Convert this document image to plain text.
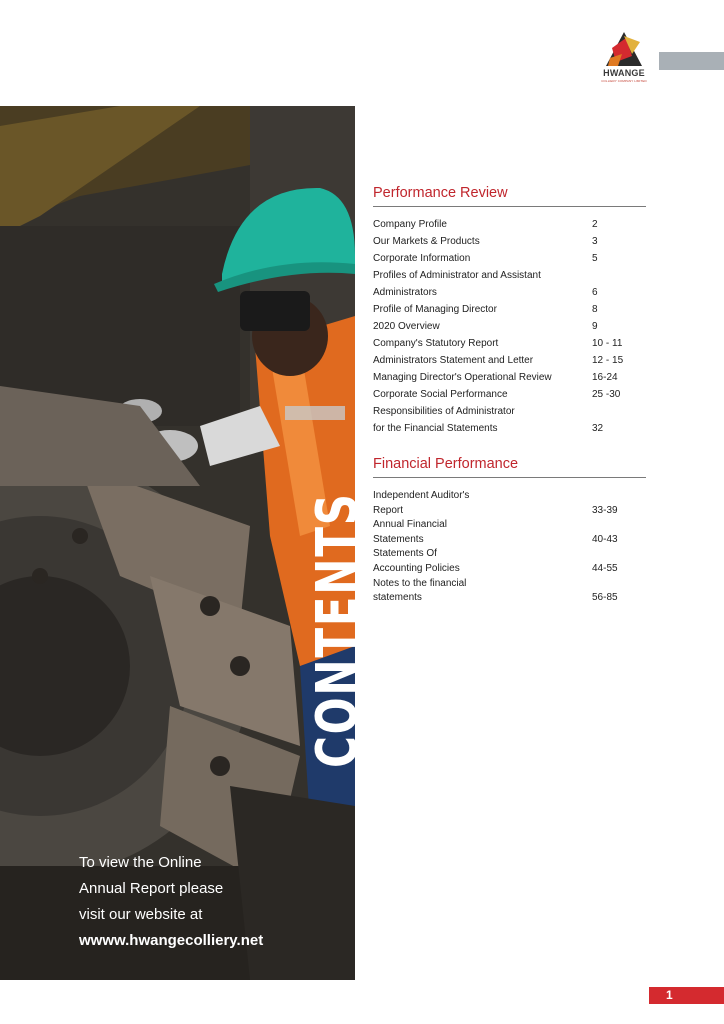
HWANGE
COLLIERY COMPANY LIMITED
CONTENTS
To view the Online
Annual Report please
visit our website at
wwww.hwangecolliery.net
Performance Review
Company Profile	2
Our Markets & Products	3
Corporate Information	5
Profiles of Administrator and Assistant
Administrators	6
Profile of Managing Director	8
2020 Overview	9
Company's Statutory Report	10 - 11
Administrators Statement and Letter	12 - 15
Managing Director's Operational Review	16-24
Corporate Social Performance	25 -30
Responsibilities of Administrator
for the Financial Statements	32
Financial Performance
Independent Auditor's
Report	33-39
Annual Financial
Statements	40-43
Statements Of
Accounting Policies	44-55
Notes to the financial
statements	56-85
1
